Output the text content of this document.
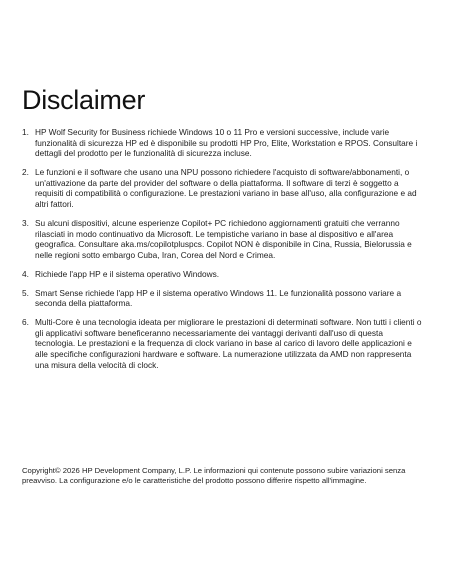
Disclaimer
1. HP Wolf Security for Business richiede Windows 10 o 11 Pro e versioni successive, include varie funzionalità di sicurezza HP ed è disponibile su prodotti HP Pro, Elite, Workstation e RPOS. Consultare i dettagli del prodotto per le funzionalità di sicurezza incluse.
2. Le funzioni e il software che usano una NPU possono richiedere l'acquisto di software/abbonamenti, o un'attivazione da parte del provider del software o della piattaforma. Il software di terzi è soggetto a requisiti di compatibilità o configurazione. Le prestazioni variano in base all'uso, alla configurazione e ad altri fattori.
3. Su alcuni dispositivi, alcune esperienze Copilot+ PC richiedono aggiornamenti gratuiti che verranno rilasciati in modo continuativo da Microsoft. Le tempistiche variano in base al dispositivo e all'area geografica. Consultare aka.ms/copilotpluspcs. Copilot NON è disponibile in Cina, Russia, Bielorussia e nelle regioni sotto embargo Cuba, Iran, Corea del Nord e Crimea.
4. Richiede l'app HP e il sistema operativo Windows.
5. Smart Sense richiede l'app HP e il sistema operativo Windows 11. Le funzionalità possono variare a seconda della piattaforma.
6. Multi-Core è una tecnologia ideata per migliorare le prestazioni di determinati software. Non tutti i clienti o gli applicativi software beneficeranno necessariamente dei vantaggi derivanti dall'uso di questa tecnologia. Le prestazioni e la frequenza di clock variano in base al carico di lavoro delle applicazioni e alle specifiche configurazioni hardware e software. La numerazione utilizzata da AMD non rappresenta una misura della velocità di clock.

Copyright© 2026 HP Development Company, L.P. Le informazioni qui contenute possono subire variazioni senza preavviso. La configurazione e/o le caratteristiche del prodotto possono differire rispetto all'immagine.
